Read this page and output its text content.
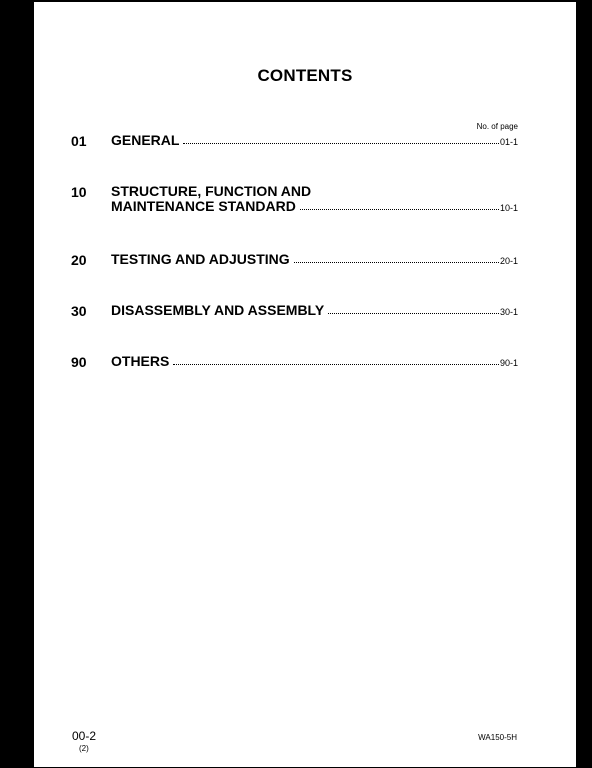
CONTENTS
No. of page
01 GENERAL	01-1
10 STRUCTURE, FUNCTION AND
MAINTENANCE STANDARD	10-1
20 TESTING AND ADJUSTING	20-1
30 DISASSEMBLY AND ASSEMBLY	30-1
90 OTHERS	90-1
00-2
(2)
WA150-5H
